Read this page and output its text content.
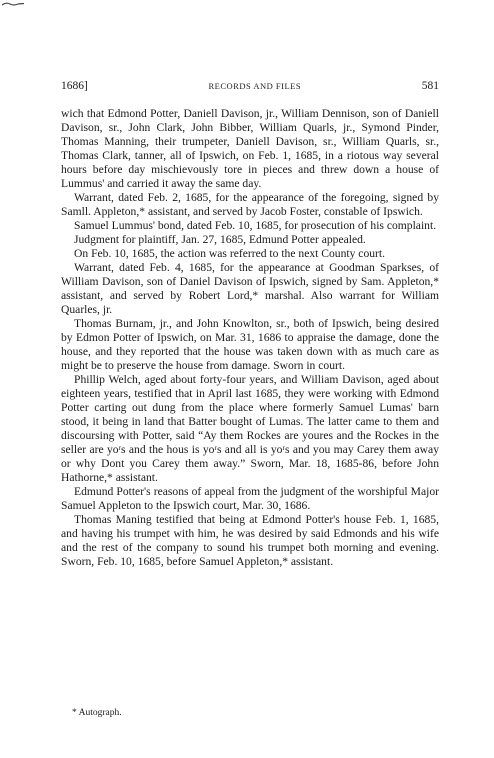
1686]	RECORDS AND FILES	581

wich that Edmond Potter, Daniell Davison, jr., William Dennison, son of Daniell Davison, sr., John Clark, John Bibber, William Quarls, jr., Symond Pinder, Thomas Manning, their trumpeter, Daniell Davison, sr., William Quarls, sr., Thomas Clark, tanner, all of Ipswich, on Feb. 1, 1685, in a riotous way several hours before day mischievously tore in pieces and threw down a house of Lummus' and carried it away the same day.

Warrant, dated Feb. 2, 1685, for the appearance of the foregoing, signed by Samll. Appleton,* assistant, and served by Jacob Foster, constable of Ipswich.

Samuel Lummus' bond, dated Feb. 10, 1685, for prosecution of his complaint.

Judgment for plaintiff, Jan. 27, 1685, Edmund Potter appealed.

On Feb. 10, 1685, the action was referred to the next County court.

Warrant, dated Feb. 4, 1685, for the appearance at Goodman Sparkses, of William Davison, son of Daniel Davison of Ipswich, signed by Sam. Appleton,* assistant, and served by Robert Lord,* marshal. Also warrant for William Quarles, jr.

Thomas Burnam, jr., and John Knowlton, sr., both of Ipswich, being desired by Edmon Potter of Ipswich, on Mar. 31, 1686 to appraise the damage, done the house, and they reported that the house was taken down with as much care as might be to preserve the house from damage. Sworn in court.

Phillip Welch, aged about forty-four years, and William Davison, aged about eighteen years, testified that in April last 1685, they were working with Edmond Potter carting out dung from the place where formerly Samuel Lumas' barn stood, it being in land that Batter bought of Lumas. The latter came to them and discoursing with Potter, said “Ay them Rockes are youres and the Rockes in the seller are yoʳs and the hous is yoʳs and all is yoʳs and you may Carey them away or why Dont you Carey them away.” Sworn, Mar. 18, 1685-86, before John Hathorne,* assistant.

Edmund Potter's reasons of appeal from the judgment of the worshipful Major Samuel Appleton to the Ipswich court, Mar. 30, 1686.

Thomas Maning testified that being at Edmond Potter's house Feb. 1, 1685, and having his trumpet with him, he was desired by said Edmonds and his wife and the rest of the company to sound his trumpet both morning and evening. Sworn, Feb. 10, 1685, before Samuel Appleton,* assistant.

* Autograph.
